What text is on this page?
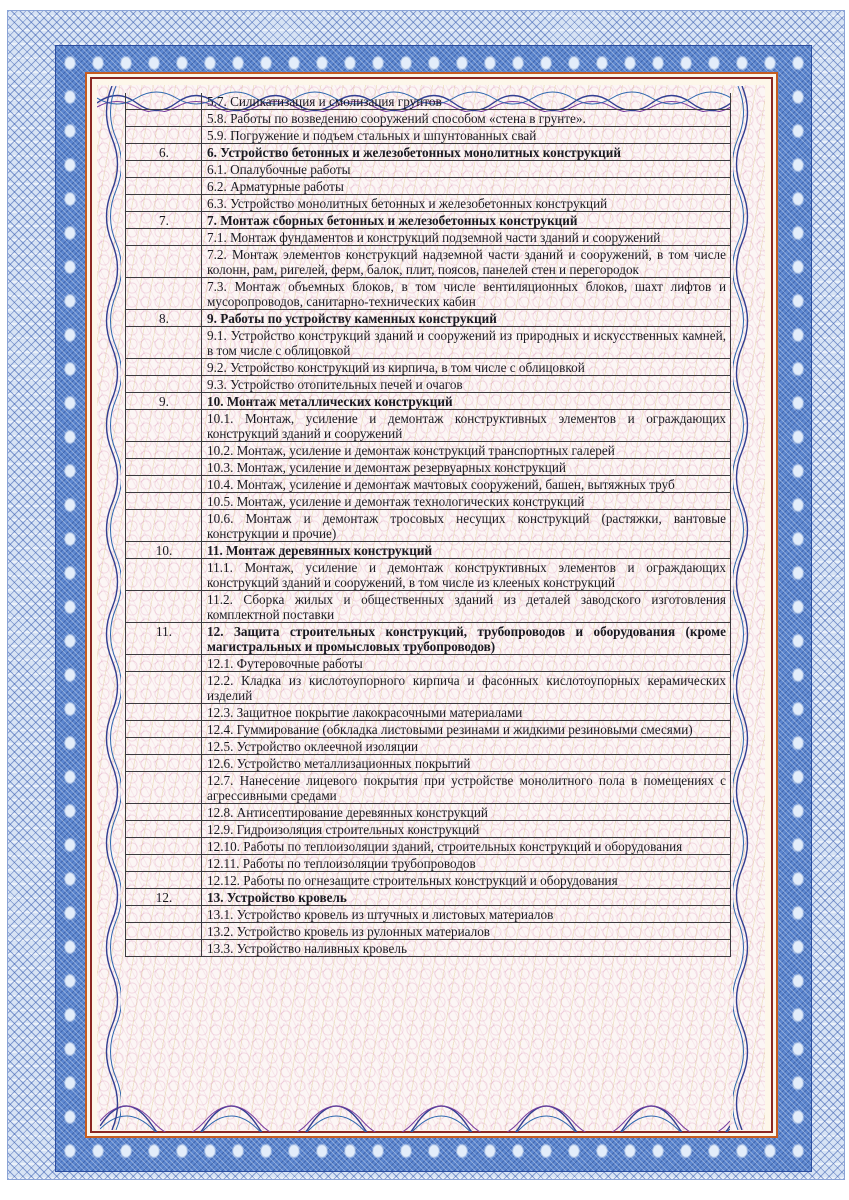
	5.7. Силикатизация и смолизация грунтов
	5.8. Работы по возведению сооружений способом «стена в грунте».
	5.9. Погружение и подъем стальных и шпунтованных свай
6.	6. Устройство бетонных и железобетонных монолитных конструкций
	6.1. Опалубочные работы
	6.2. Арматурные работы
	6.3. Устройство монолитных бетонных и железобетонных конструкций
7.	7. Монтаж сборных бетонных и железобетонных конструкций
	7.1. Монтаж фундаментов и конструкций подземной части зданий и сооружений
	7.2. Монтаж элементов конструкций надземной части зданий и сооружений, в том числе колонн, рам, ригелей, ферм, балок, плит, поясов, панелей стен и перегородок
	7.3. Монтаж объемных блоков, в том числе вентиляционных блоков, шахт лифтов и мусоропроводов, санитарно-технических кабин
8.	9. Работы по устройству каменных конструкций
	9.1. Устройство конструкций зданий и сооружений из природных и искусственных камней, в том числе с облицовкой
	9.2. Устройство конструкций из кирпича, в том числе с облицовкой
	9.3. Устройство отопительных печей и очагов
9.	10. Монтаж металлических конструкций
	10.1. Монтаж, усиление и демонтаж конструктивных элементов и ограждающих конструкций зданий и сооружений
	10.2. Монтаж, усиление и демонтаж конструкций транспортных галерей
	10.3. Монтаж, усиление и демонтаж резервуарных конструкций
	10.4. Монтаж, усиление и демонтаж мачтовых сооружений, башен, вытяжных труб
	10.5. Монтаж, усиление и демонтаж технологических конструкций
	10.6. Монтаж и демонтаж тросовых несущих конструкций (растяжки, вантовые конструкции и прочие)
10.	11. Монтаж деревянных конструкций
	11.1. Монтаж, усиление и демонтаж конструктивных элементов и ограждающих конструкций зданий и сооружений, в том числе из клееных конструкций
	11.2. Сборка жилых и общественных зданий из деталей заводского изготовления комплектной поставки
11.	12. Защита строительных конструкций, трубопроводов и оборудования (кроме магистральных и промысловых трубопроводов)
	12.1. Футеровочные работы
	12.2. Кладка из кислотоупорного кирпича и фасонных кислотоупорных керамических изделий
	12.3. Защитное покрытие лакокрасочными материалами
	12.4. Гуммирование (обкладка листовыми резинами и жидкими резиновыми смесями)
	12.5. Устройство оклеечной изоляции
	12.6. Устройство металлизационных покрытий
	12.7. Нанесение лицевого покрытия при устройстве монолитного пола в помещениях с агрессивными средами
	12.8. Антисептирование деревянных конструкций
	12.9. Гидроизоляция строительных конструкций
	12.10. Работы по теплоизоляции зданий, строительных конструкций и оборудования
	12.11. Работы по теплоизоляции трубопроводов
	12.12. Работы по огнезащите строительных конструкций и оборудования
12.	13. Устройство кровель
	13.1. Устройство кровель из штучных и листовых материалов
	13.2. Устройство кровель из рулонных материалов
	13.3. Устройство наливных кровель
